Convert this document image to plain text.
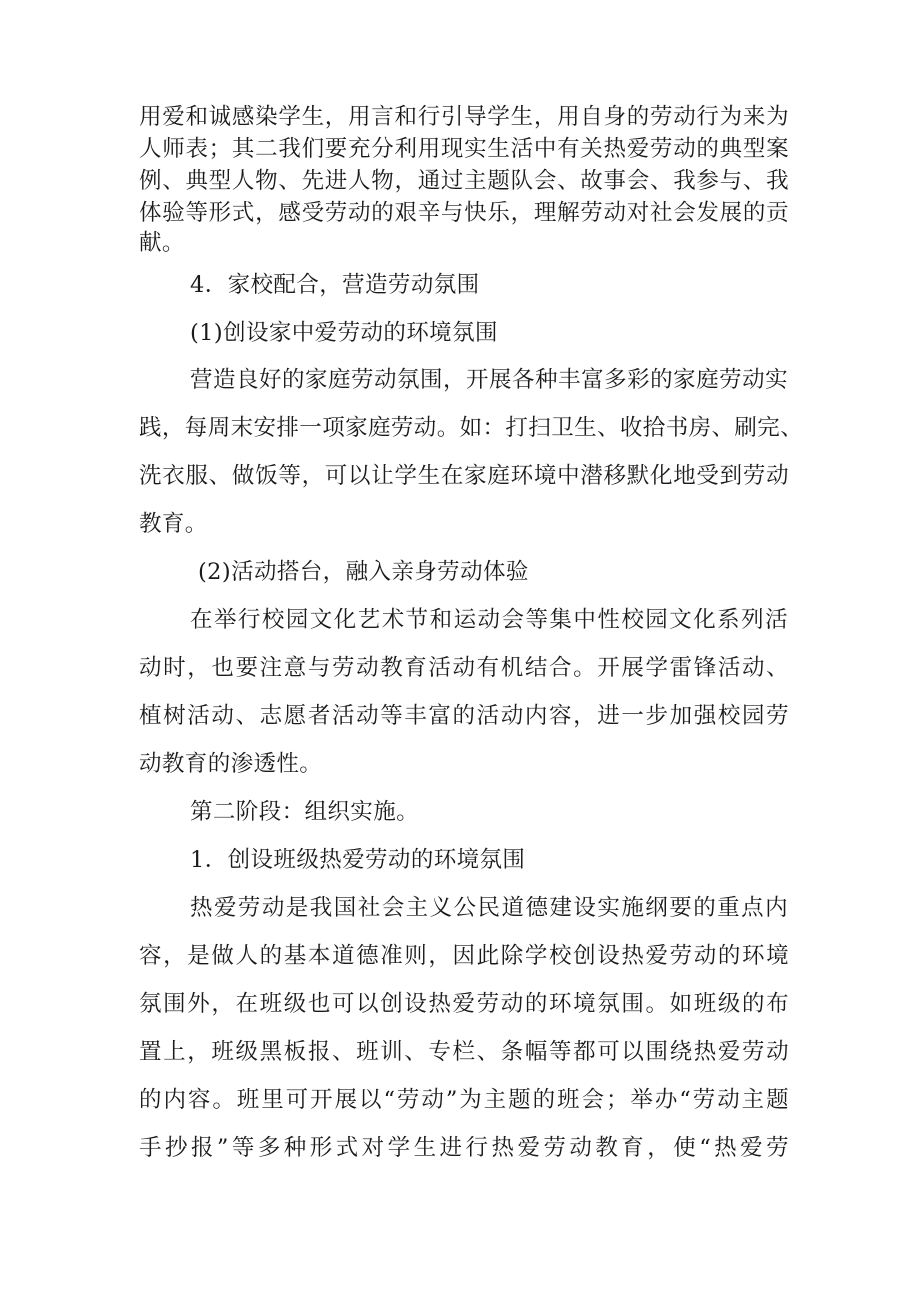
用爱和诚感染学生，用言和行引导学生，用自身的劳动行为来为
人师表；其二我们要充分利用现实生活中有关热爱劳动的典型案
例、典型人物、先进人物，通过主题队会、故事会、我参与、我
体验等形式，感受劳动的艰辛与快乐，理解劳动对社会发展的贡
献。
4．家校配合，营造劳动氛围
(1)创设家中爱劳动的环境氛围
营造良好的家庭劳动氛围，开展各种丰富多彩的家庭劳动实
践，每周末安排一项家庭劳动。如：打扫卫生、收拾书房、刷完、
洗衣服、做饭等，可以让学生在家庭环境中潜移默化地受到劳动
教育。
(2)活动搭台，融入亲身劳动体验
在举行校园文化艺术节和运动会等集中性校园文化系列活
动时，也要注意与劳动教育活动有机结合。开展学雷锋活动、
植树活动、志愿者活动等丰富的活动内容，进一步加强校园劳
动教育的渗透性。
第二阶段：组织实施。
1．创设班级热爱劳动的环境氛围
热爱劳动是我国社会主义公民道德建设实施纲要的重点内
容，是做人的基本道德准则，因此除学校创设热爱劳动的环境
氛围外，在班级也可以创设热爱劳动的环境氛围。如班级的布
置上，班级黑板报、班训、专栏、条幅等都可以围绕热爱劳动
的内容。班里可开展以“劳动”为主题的班会；举办“劳动主题
手抄报”等多种形式对学生进行热爱劳动教育，使“热爱劳
